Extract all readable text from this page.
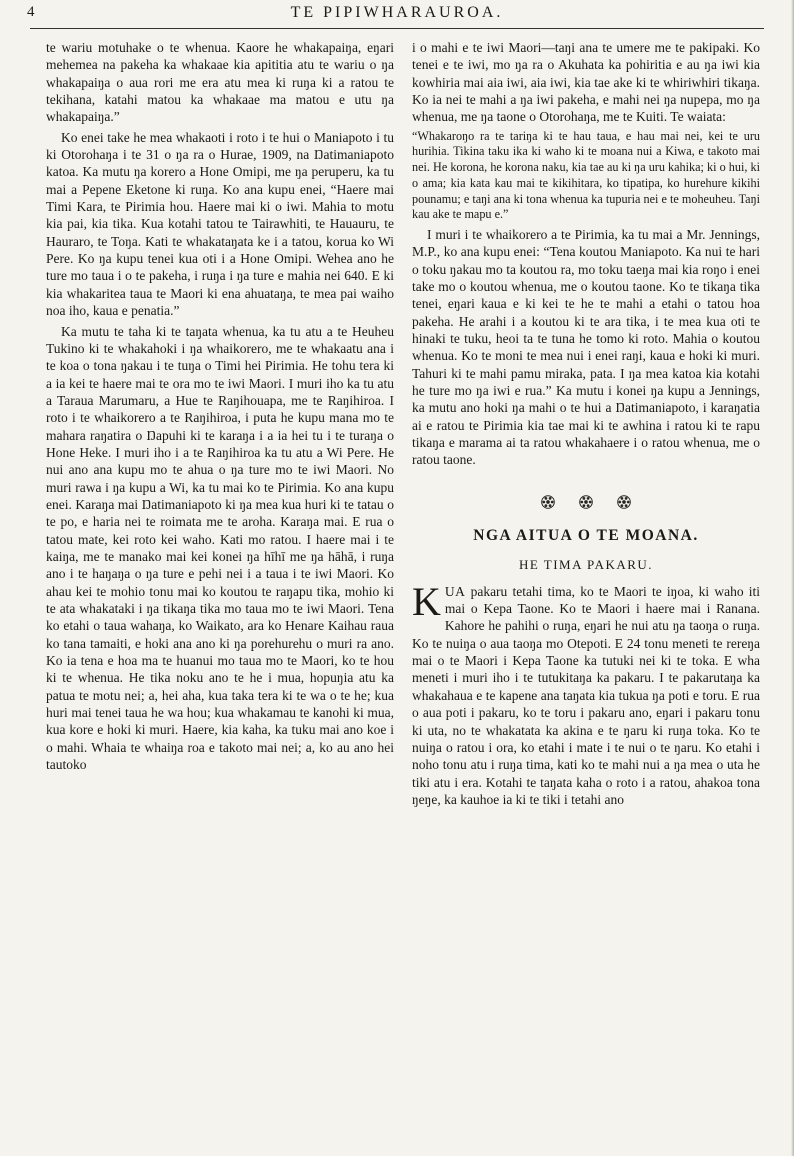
4	TE PIPIWHARAUROA.

te wariu motuhake o te whenua. Kaore he whakapaiŋa, eŋari mehemea na pakeha ka whakaae kia apititia atu te wariu o ŋa whakapaiŋa o aua rori me era atu mea ki ruŋa ki a ratou te tekihana, katahi matou ka whakaae ma matou e utu ŋa whakapaiŋa.”

Ko enei take he mea whakaoti i roto i te hui o Maniapoto i tu ki Otorohaŋa i te 31 o ŋa ra o Hurae, 1909, na Ŋatimaniapoto katoa. Ka mutu ŋa korero a Hone Omipi, me ŋa peruperu, ka tu mai a Pepene Eketone ki ruŋa. Ko ana kupu enei, “Haere mai Timi Kara, te Pirimia hou. Haere mai ki o iwi. Mahia to motu kia pai, kia tika. Kua kotahi tatou te Tairawhiti, te Hauauru, te Hauraro, te Toŋa. Kati te whakataŋata ke i a tatou, korua ko Wi Pere. Ko ŋa kupu tenei kua oti i a Hone Omipi. Wehea ano he ture mo taua i o te pakeha, i ruŋa i ŋa ture e mahia nei 640. E ki kia whakaritea taua te Maori ki ena ahuataŋa, te mea pai waiho noa iho, kaua e penatia.”

Ka mutu te taha ki te taŋata whenua, ka tu atu a te Heuheu Tukino ki te whakahoki i ŋa whaikorero, me te whakaatu ana i te koa o tona ŋakau i te tuŋa o Timi hei Pirimia. He tohu tera ki a ia kei te haere mai te ora mo te iwi Maori. I muri iho ka tu atu a Taraua Marumaru, a Hue te Raŋihouapa, me te Raŋihiroa. I roto i te whaikorero a te Raŋihiroa, i puta he kupu mana mo te mahara raŋatira o Ŋapuhi ki te karaŋa i a ia hei tu i te turaŋa o Hone Heke. I muri iho i a te Raŋihiroa ka tu atu a Wi Pere. He nui ano ana kupu mo te ahua o ŋa ture mo te iwi Maori. No muri rawa i ŋa kupu a Wi, ka tu mai ko te Pirimia. Ko ana kupu enei. Karaŋa mai Ŋatimaniapoto ki ŋa mea kua huri ki te tatau o te po, e haria nei te roimata me te aroha. Karaŋa mai. E rua o tatou mate, kei roto kei waho. Kati mo ratou. I haere mai i te kaiŋa, me te manako mai kei konei ŋa hīhī me ŋa hāhā, i ruŋa ano i te haŋaŋa o ŋa ture e pehi nei i a taua i te iwi Maori. Ko ahau kei te mohio tonu mai ko koutou te raŋapu tika, mohio ki te ata whakataki i ŋa tikaŋa tika mo taua mo te iwi Maori. Tena ko etahi o taua wahaŋa, ko Waikato, ara ko Henare Kaihau raua ko tana tamaiti, e hoki ana ano ki ŋa porehurehu o muri ra ano. Ko ia tena e hoa ma te huanui mo taua mo te Maori, ko te hou ki te whenua. He tika noku ano te he i mua, hopuŋia atu ka patua te motu nei; a, hei aha, kua taka tera ki te wa o te he; kua huri mai tenei taua he wa hou; kua whakamau te kanohi ki mua, kua kore e hoki ki muri. Haere, kia kaha, ka tuku mai ano koe i o mahi. Whaia te whaiŋa roa e takoto mai nei; a, ko au ano hei tautoko

i o mahi e te iwi Maori—taŋi ana te umere me te pakipaki. Ko tenei e te iwi, mo ŋa ra o Akuhata ka pohiritia e au ŋa iwi kia kowhiria mai aia iwi, aia iwi, kia tae ake ki te whiriwhiri tikaŋa. Ko ia nei te mahi a ŋa iwi pakeha, e mahi nei ŋa nupepa, mo ŋa whenua, me ŋa taone o Otorohaŋa, me te Kuiti. Te waiata:

“Whakaroŋo ra te tariŋa ki te hau taua, e hau mai nei, kei te uru hurihia. Tikina taku ika ki waho ki te moana nui a Kiwa, e takoto mai nei. He korona, he korona naku, kia tae au ki ŋa uru kahika; ki o hui, ki o ama; kia kata kau mai te kikihitara, ko tipatipa, ko hurehure kikihi pounamu; e taŋi ana ki tona whenua ka tupuria nei e te moheuheu. Taŋi kau ake te mapu e.”

I muri i te whaikorero a te Pirimia, ka tu mai a Mr. Jennings, M.P., ko ana kupu enei: “Tena koutou Maniapoto. Ka nui te hari o toku ŋakau mo ta koutou ra, mo toku taeŋa mai kia roŋo i enei take mo o koutou whenua, me o koutou taone. Ko te tikaŋa tika tenei, eŋari kaua e ki kei te he te mahi a etahi o tatou hoa pakeha. He arahi i a koutou ki te ara tika, i te mea kua oti te hinaki te tuku, heoi ta te tuna he tomo ki roto. Mahia o koutou whenua. Ko te moni te mea nui i enei raŋi, kaua e hoki ki muri. Tahuri ki te mahi pamu miraka, pata. I ŋa mea katoa kia kotahi he ture mo ŋa iwi e rua.” Ka mutu i konei ŋa kupu a Jennings, ka mutu ano hoki ŋa mahi o te hui a Ŋatimaniapoto, i karaŋatia ai e ratou te Pirimia kia tae mai ki te awhina i ratou ki te rapu tikaŋa e marama ai ta ratou whakahaere i o ratou whenua, me o ratou taone.

NGA AITUA O TE MOANA.
HE TIMA PAKARU.

KUA pakaru tetahi tima, ko te Maori te iŋoa, ki waho iti mai o Kepa Taone. Ko te Maori i haere mai i Ranana. Kahore he pahihi o ruŋa, eŋari he nui atu ŋa taoŋa o ruŋa. Ko te nuiŋa o aua taoŋa mo Otepoti. E 24 tonu meneti te rereŋa mai o te Maori i Kepa Taone ka tutuki nei ki te toka. E wha meneti i muri iho i te tutukitaŋa ka pakaru. I te pakarutaŋa ka whakahaua e te kapene ana taŋata kia tukua ŋa poti e toru. E rua o aua poti i pakaru, ko te toru i pakaru ano, eŋari i pakaru tonu ki uta, no te whakatata ka akina e te ŋaru ki ruŋa toka. Ko te nuiŋa o ratou i ora, ko etahi i mate i te nui o te ŋaru. Ko etahi i noho tonu atu i ruŋa tima, kati ko te mahi nui a ŋa mea o uta he tiki atu i era. Kotahi te taŋata kaha o roto i a ratou, ahakoa tona ŋeŋe, ka kauhoe ia ki te tiki i tetahi ano
